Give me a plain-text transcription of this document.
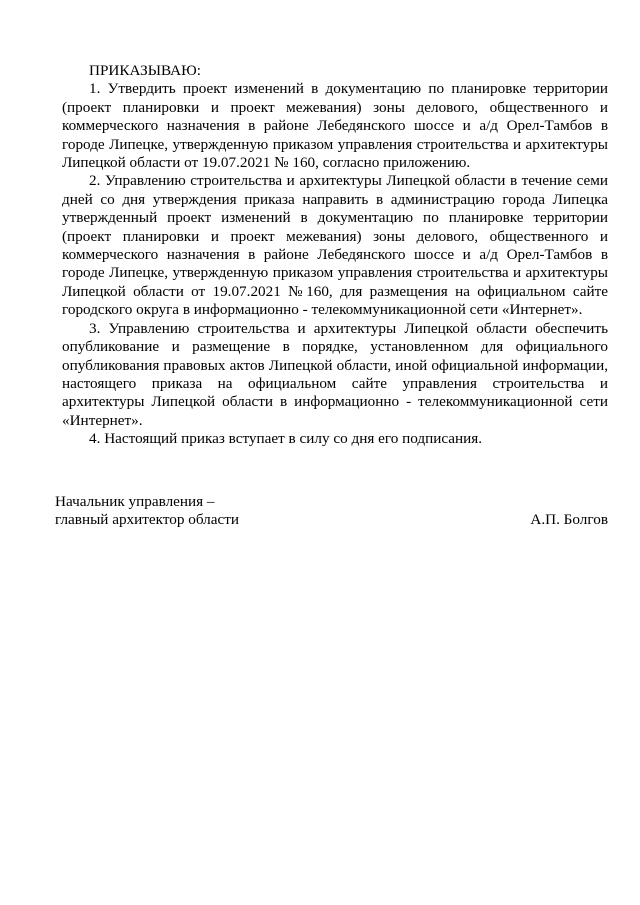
ПРИКАЗЫВАЮ:

1. Утвердить проект изменений в документацию по планировке территории (проект планировки и проект межевания) зоны делового, общественного и коммерческого назначения в районе Лебедянского шоссе и а/д Орел-Тамбов в городе Липецке, утвержденную приказом управления строительства и архитектуры Липецкой области от 19.07.2021 № 160, согласно приложению.

2. Управлению строительства и архитектуры Липецкой области в течение семи дней со дня утверждения приказа направить в администрацию города Липецка утвержденный проект изменений в документацию по планировке территории (проект планировки и проект межевания) зоны делового, общественного и коммерческого назначения в районе Лебедянского шоссе и а/д Орел-Тамбов в городе Липецке, утвержденную приказом управления строительства и архитектуры Липецкой области от 19.07.2021 №160, для размещения на официальном сайте городского округа в информационно - телекоммуникационной сети «Интернет».

3. Управлению строительства и архитектуры Липецкой области обеспечить опубликование и размещение в порядке, установленном для официального опубликования правовых актов Липецкой области, иной официальной информации, настоящего приказа на официальном сайте управления строительства и архитектуры Липецкой области в информационно - телекоммуникационной сети «Интернет».

4. Настоящий приказ вступает в силу со дня его подписания.

Начальник управления –
главный архитектор области	А.П. Болгов
